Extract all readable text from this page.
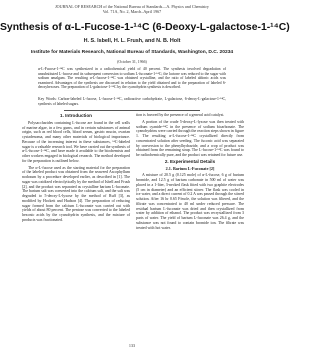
JOURNAL OF RESEARCH of the National Bureau of Standards—A. Physics and Chemistry
Vol. 71A, No. 2, March–April 1967
Synthesis of α-L-Fucose-1-¹⁴C (6-Deoxy-L-galactose-1-¹⁴C)
H. S. Isbell, H. L. Frush, and N. B. Holt
Institute for Materials Research, National Bureau of Standards, Washington, D.C. 20234
(October 31, 1966)
α-L-Fucose-1-¹⁴C was synthesized in a radiochemical yield of 40 percent. The synthesis involved degradation of unsubstituted L-fucose and its subsequent conversion to sodium L-fuconate-1-¹⁴C; the lactone was reduced to the sugar with sodium amalgam. The resulting α-L-fucose-1-¹⁴C was obtained crystalline, and the ratio of labeled aldonic acids was examined. Advantages of the synthesis are discussed in relation to the yield obtained and to the preparation of labeled 6-deoxyhexoses. The preparation of L-galactose-1-¹⁴C by the cyanohydrin synthesis is described.
Key Words: Carbon-labeled L-fucose, L-fucose-1-¹⁴C, radioactive carbohydrate, L-galactose, 6-deoxy-L-galactose-1-¹⁴C, synthesis of labeled sugars.
1. Introduction

Polysaccharides containing L-fucose are found in the cell walls of marine algae, in a few gums, and in certain substances of animal origin, such as red blood cells, blood serum, gastric mucin, ovarian cystadenoma, and many other materials of biological importance. Because of the increasing interest in these substances, ¹⁴C-labeled sugar is a valuable research tool. We have carried out the synthesis of α-L-fucose-1-¹⁴C, and have made it available to the biochemists and other workers engaged in biological research. The method developed for the preparation is outlined below.

The α-L-fucose used as the starting material for the preparation of the labeled product was obtained from the seaweed Ascophyllum nodosum by a procedure developed earlier, as described in [1]. The sugar was oxidized electrolytically by the method of Isbell and Frush [2], and the product was separated as crystalline barium L-fuconate. The barium salt was converted into the calcium salt, and the salt was degraded to 5-deoxy-L-lyxose by the method of Ruff [3], as modified by Hockett and Hudson [4]. The preparation of reducing sugar formed from the calcium L-fuconate was carried out with yields of about 80 percent. The pentose was converted to the labeled hexonic acids by the cyanohydrin synthesis, and the mixture of products was fractionated.

tion is favored by the presence of a general acid catalyst.

A portion of the crude 5-deoxy-L-lyxose was then treated with sodium cyanide-¹⁴C in the presence of sodium bicarbonate. The cyanohydrins were carried through the reaction steps shown in figure 1. The resulting α-L-fucose-1-¹⁴C crystallized directly from concentrated solution after seeding. The fuconic acid was separated by conversion to the phenylhydrazide, and a crop of product was obtained from the remaining sirup. The L-fucose-1-¹⁴C was found to be radiochemically pure, and the product was retained for future use.

2. Experimental Details
2.1. Barium L-Fuconate [2]

A mixture of 20.5 g (0.125 mole) of α-L-fucose, 6 g of barium bromide, and 12.5 g of barium carbonate in 500 ml of water was placed in a 1-liter, 3-necked flask fitted with two graphite electrodes (5 cm in diameter) and an efficient stirrer. The flask was cooled in ice water, and a direct current of 0.2 A was passed through the stirred solution. After 16 hr 0.65 F/mole, the solution was filtered, and the filtrate was concentrated to 40 ml under reduced pressure. The residual barium L-fuconate was dried and then crystallized from water by addition of ethanol. The product was recrystallized from 3 parts of water. The yield of barium L-fuconate was 26.4 g, and the substance was not found to contain bromide ion. The filtrate was treated with hot water.

133
